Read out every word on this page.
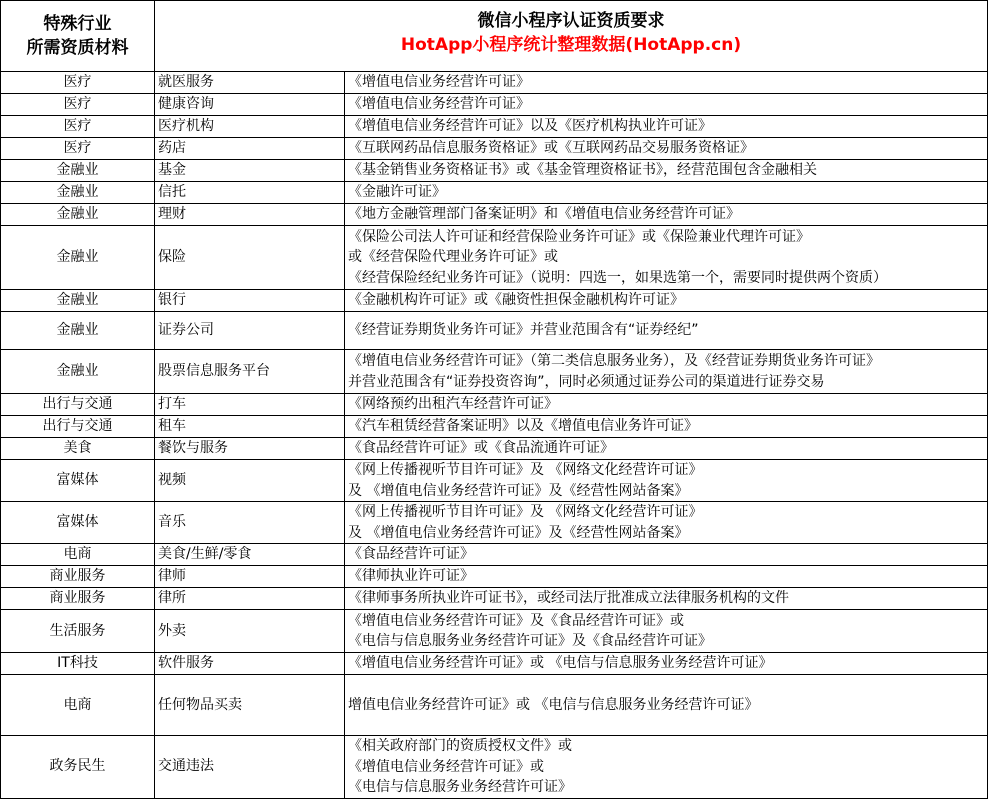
特殊行业
所需资质材料	微信小程序认证资质要求
HotApp小程序统计整理数据(HotApp.cn)	

医疗	就医服务	《增值电信业务经营许可证》

医疗	健康咨询	《增值电信业务经营许可证》

医疗	医疗机构	《增值电信业务经营许可证》以及《医疗机构执业许可证》

医疗	药店	《互联网药品信息服务资格证》或《互联网药品交易服务资格证》

金融业	基金	《基金销售业务资格证书》或《基金管理资格证书》，经营范围包含金融相关

金融业	信托	《金融许可证》

金融业	理财	《地方金融管理部门备案证明》和《增值电信业务经营许可证》

金融业	保险	《保险公司法人许可证和经营保险业务许可证》或《保险兼业代理许可证》
或《经营保险代理业务许可证》或
《经营保险经纪业务许可证》（说明：四选一，如果选第一个，需要同时提供两个资质）

金融业	银行	《金融机构许可证》或《融资性担保金融机构许可证》

金融业	证券公司	《经营证券期货业务许可证》并营业范围含有“证券经纪”

金融业	股票信息服务平台	《增值电信业务经营许可证》（第二类信息服务业务），及《经营证券期货业务许可证》
并营业范围含有“证券投资咨询”，同时必须通过证券公司的渠道进行证券交易

出行与交通	打车	《网络预约出租汽车经营许可证》

出行与交通	租车	《汽车租赁经营备案证明》以及《增值电信业务许可证》

美食	餐饮与服务	《食品经营许可证》或《食品流通许可证》

富媒体	视频	《网上传播视听节目许可证》及 《网络文化经营许可证》
及 《增值电信业务经营许可证》及《经营性网站备案》

富媒体	音乐	《网上传播视听节目许可证》及 《网络文化经营许可证》
及 《增值电信业务经营许可证》及《经营性网站备案》

电商	美食/生鲜/零食	《食品经营许可证》

商业服务	律师	《律师执业许可证》

商业服务	律所	《律师事务所执业许可证书》，或经司法厅批准成立法律服务机构的文件

生活服务	外卖	《增值电信业务经营许可证》及《食品经营许可证》或
《电信与信息服务业务经营许可证》及《食品经营许可证》

IT科技	软件服务	《增值电信业务经营许可证》或 《电信与信息服务业务经营许可证》

电商	任何物品买卖	增值电信业务经营许可证》或 《电信与信息服务业务经营许可证》

政务民生	交通违法	《相关政府部门的资质授权文件》或
《增值电信业务经营许可证》或
《电信与信息服务业务经营许可证》
